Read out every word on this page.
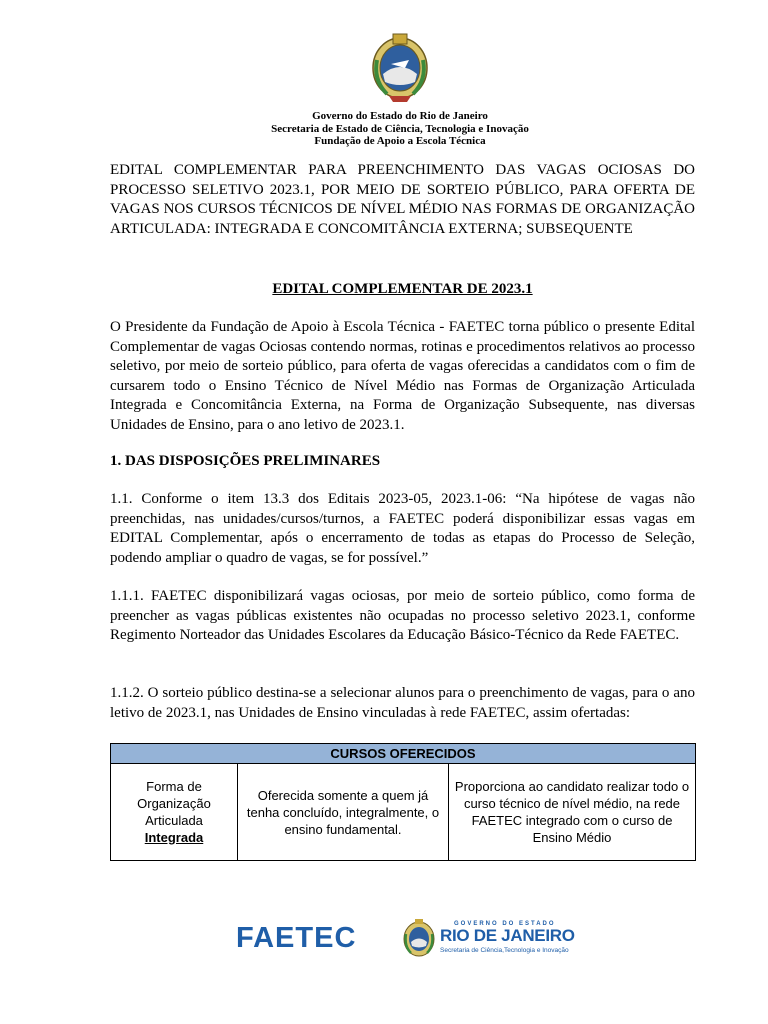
Governo do Estado do Rio de Janeiro
Secretaria de Estado de Ciência, Tecnologia e Inovação
Fundação de Apoio a Escola Técnica
EDITAL COMPLEMENTAR PARA PREENCHIMENTO DAS VAGAS OCIOSAS DO PROCESSO SELETIVO 2023.1, POR MEIO DE SORTEIO PÚBLICO, PARA OFERTA DE VAGAS NOS CURSOS TÉCNICOS DE NÍVEL MÉDIO NAS FORMAS DE ORGANIZAÇÃO ARTICULADA: INTEGRADA E CONCOMITÂNCIA EXTERNA; SUBSEQUENTE
EDITAL COMPLEMENTAR DE 2023.1
O Presidente da Fundação de Apoio à Escola Técnica - FAETEC torna público o presente Edital Complementar de vagas Ociosas contendo normas, rotinas e procedimentos relativos ao processo seletivo, por meio de sorteio público, para oferta de vagas oferecidas a candidatos com o fim de cursarem todo o Ensino Técnico de Nível Médio nas Formas de Organização Articulada Integrada e Concomitância Externa, na Forma de Organização Subsequente, nas diversas Unidades de Ensino, para o ano letivo de 2023.1.
1. DAS DISPOSIÇÕES PRELIMINARES
1.1. Conforme o item 13.3 dos Editais 2023-05, 2023.1-06: “Na hipótese de vagas não preenchidas, nas unidades/cursos/turnos, a FAETEC poderá disponibilizar essas vagas em EDITAL Complementar, após o encerramento de todas as etapas do Processo de Seleção, podendo ampliar o quadro de vagas, se for possível.”
1.1.1. FAETEC disponibilizará vagas ociosas, por meio de sorteio público, como forma de preencher as vagas públicas existentes não ocupadas no processo seletivo 2023.1, conforme Regimento Norteador das Unidades Escolares da Educação Básico-Técnico da Rede FAETEC.
1.1.2. O sorteio público destina-se a selecionar alunos para o preenchimento de vagas, para o ano letivo de 2023.1, nas Unidades de Ensino vinculadas à rede FAETEC, assim ofertadas:
CURSOS OFERECIDOS

Forma de
Organização
Articulada
Integrada
	Oferecida somente a quem já tenha concluído, integralmente, o ensino fundamental.	Proporciona ao candidato realizar todo o curso técnico de nível médio, na rede FAETEC integrado com o curso de Ensino Médio
FAETEC	GOVERNO DO ESTADO
RIO DE JANEIRO
Secretaria de Ciência,Tecnologia e Inovação
